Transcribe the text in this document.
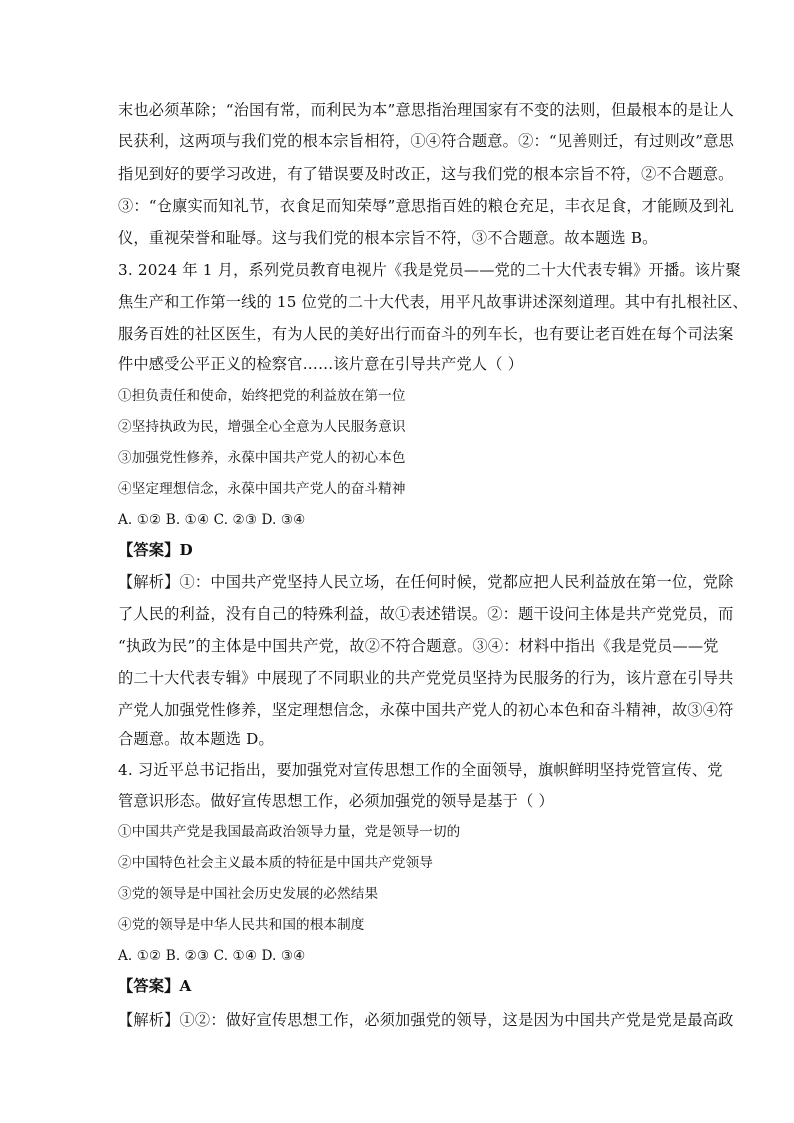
末也必须革除；“治国有常，而利民为本”意思指治理国家有不变的法则，但最根本的是让人
民获利，这两项与我们党的根本宗旨相符，①④符合题意。②：“见善则迁，有过则改”意思
指见到好的要学习改进，有了错误要及时改正，这与我们党的根本宗旨不符，②不合题意。
③：“仓廪实而知礼节，衣食足而知荣辱”意思指百姓的粮仓充足，丰衣足食，才能顾及到礼
仪，重视荣誉和耻辱。这与我们党的根本宗旨不符，③不合题意。故本题选 B。
3. 2024 年 1 月，系列党员教育电视片《我是党员——党的二十大代表专辑》开播。该片聚
焦生产和工作第一线的 15 位党的二十大代表，用平凡故事讲述深刻道理。其中有扎根社区、
服务百姓的社区医生，有为人民的美好出行而奋斗的列车长，也有要让老百姓在每个司法案
件中感受公平正义的检察官……该片意在引导共产党人（ ）
①担负责任和使命，始终把党的利益放在第一位
②坚持执政为民，增强全心全意为人民服务意识
③加强党性修养，永葆中国共产党人的初心本色
④坚定理想信念，永葆中国共产党人的奋斗精神
A. ①② B. ①④ C. ②③ D. ③④
【答案】D
【解析】①：中国共产党坚持人民立场，在任何时候，党都应把人民利益放在第一位，党除
了人民的利益，没有自己的特殊利益，故①表述错误。②：题干设问主体是共产党党员，而
“执政为民”的主体是中国共产党，故②不符合题意。③④：材料中指出《我是党员——党
的二十大代表专辑》中展现了不同职业的共产党党员坚持为民服务的行为，该片意在引导共
产党人加强党性修养，坚定理想信念，永葆中国共产党人的初心本色和奋斗精神，故③④符
合题意。故本题选 D。
4. 习近平总书记指出，要加强党对宣传思想工作的全面领导，旗帜鲜明坚持党管宣传、党
管意识形态。做好宣传思想工作，必须加强党的领导是基于（ ）
①中国共产党是我国最高政治领导力量，党是领导一切的
②中国特色社会主义最本质的特征是中国共产党领导
③党的领导是中国社会历史发展的必然结果
④党的领导是中华人民共和国的根本制度
A. ①② B. ②③ C. ①④ D. ③④
【答案】A
【解析】①②：做好宣传思想工作，必须加强党的领导，这是因为中国共产党是党是最高政
